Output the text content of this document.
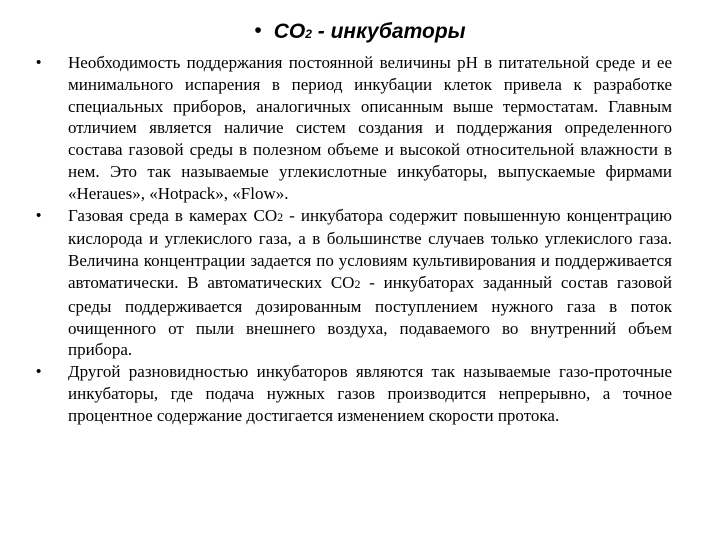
• CO2 - инкубаторы
• Необходимость поддержания постоянной величины pH в питательной среде и ее минимального испарения в период инкубации клеток привела к разработке специальных приборов, аналогичных описанным выше термостатам. Главным отличием является наличие систем создания и поддержания определенного состава газовой среды в полезном объеме и высокой относительной влажности в нем. Это так называемые углекислотные инкубаторы, выпускаемые фирмами «Heraues», «Hotpack», «Flow».
• Газовая среда в камерах CO2 - инкубатора содержит повышенную концентрацию кислорода и углекислого газа, а в большинстве случаев только углекислого газа. Величина концентрации задается по условиям культивирования и поддерживается автоматически. В автоматических CO2 - инкубаторах заданный состав газовой среды поддерживается дозированным поступлением нужного газа в поток очищенного от пыли внешнего воздуха, подаваемого во внутренний объем прибора.
• Другой разновидностью инкубаторов являются так называемые газо-проточные инкубаторы, где подача нужных газов производится непрерывно, а точное процентное содержание достигается изменением скорости протока.
